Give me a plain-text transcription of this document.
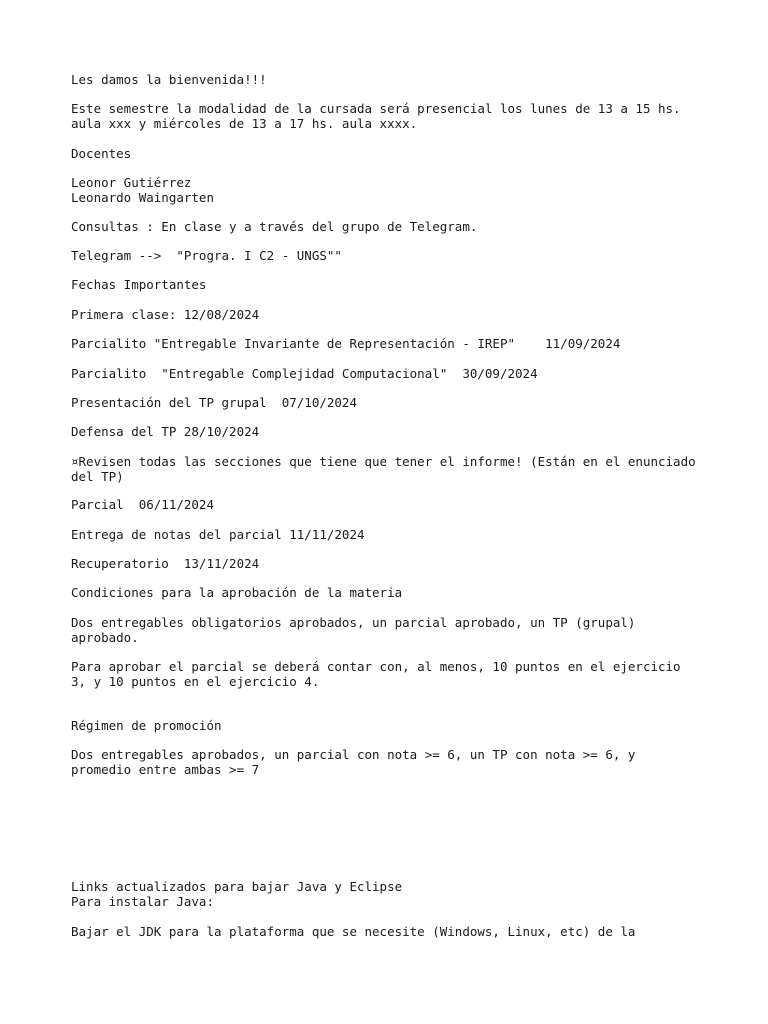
Les damos la bienvenida!!!

Este semestre la modalidad de la cursada será presencial los lunes de 13 a 15 hs.

aula xxx y miércoles de 13 a 17 hs. aula xxxx.

Docentes

Leonor Gutiérrez

Leonardo Waingarten

Consultas : En clase y a través del grupo de Telegram.

Telegram -->  "Progra. I C2 - UNGS""

Fechas Importantes

Primera clase: 12/08/2024

Parcialito "Entregable Invariante de Representación - IREP"    11/09/2024

Parcialito  "Entregable Complejidad Computacional"  30/09/2024

Presentación del TP grupal  07/10/2024

Defensa del TP 28/10/2024

¤Revisen todas las secciones que tiene que tener el informe! (Están en el enunciado

del TP)

Parcial  06/11/2024

Entrega de notas del parcial 11/11/2024

Recuperatorio  13/11/2024

Condiciones para la aprobación de la materia

Dos entregables obligatorios aprobados, un parcial aprobado, un TP (grupal)

aprobado.

Para aprobar el parcial se deberá contar con, al menos, 10 puntos en el ejercicio

3, y 10 puntos en el ejercicio 4.

Régimen de promoción

Dos entregables aprobados, un parcial con nota >= 6, un TP con nota >= 6, y

promedio entre ambas >= 7

Links actualizados para bajar Java y Eclipse

Para instalar Java:

Bajar el JDK para la plataforma que se necesite (Windows, Linux, etc) de la
